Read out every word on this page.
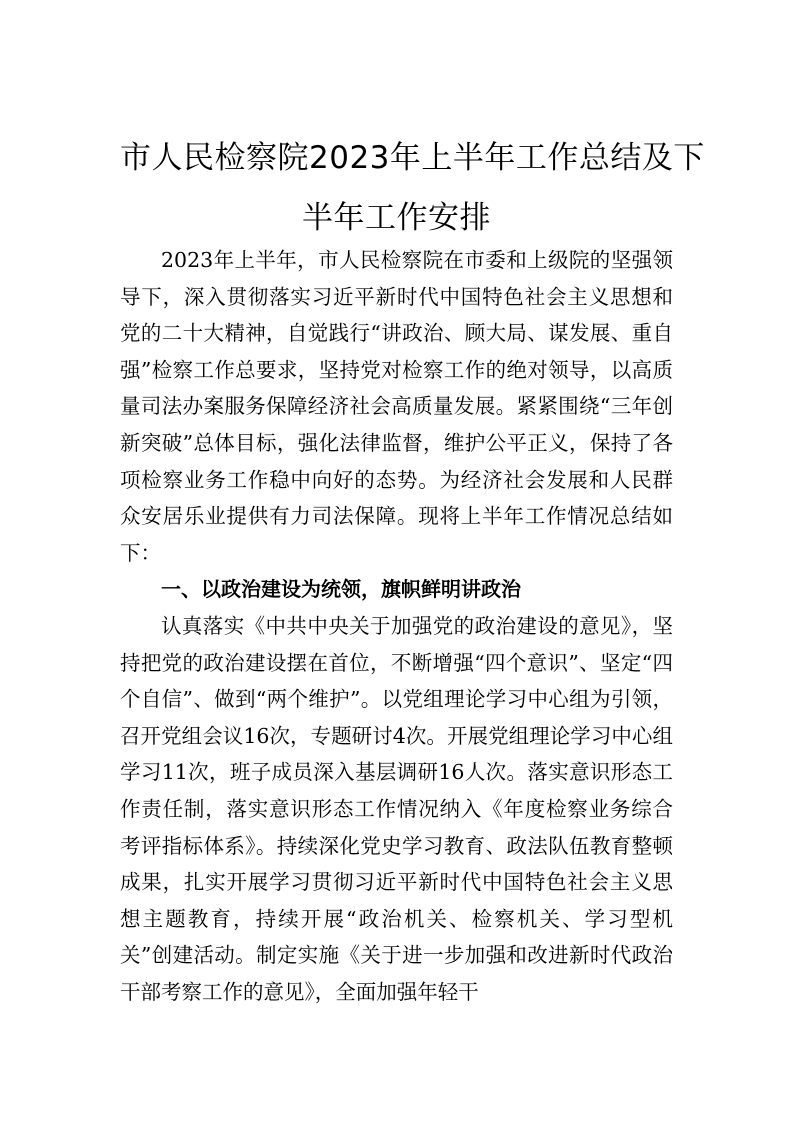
市人民检察院2023年上半年工作总结及下
半年工作安排

2023年上半年，市人民检察院在市委和上级院的坚强领导下，深入贯彻落实习近平新时代中国特色社会主义思想和党的二十大精神，自觉践行“讲政治、顾大局、谋发展、重自强”检察工作总要求，坚持党对检察工作的绝对领导，以高质量司法办案服务保障经济社会高质量发展。紧紧围绕“三年创新突破”总体目标，强化法律监督，维护公平正义，保持了各项检察业务工作稳中向好的态势。为经济社会发展和人民群众安居乐业提供有力司法保障。现将上半年工作情况总结如下：

一、以政治建设为统领，旗帜鲜明讲政治

认真落实《中共中央关于加强党的政治建设的意见》，坚持把党的政治建设摆在首位，不断增强“四个意识”、坚定“四个自信”、做到“两个维护”。以党组理论学习中心组为引领，召开党组会议16次，专题研讨4次。开展党组理论学习中心组学习11次，班子成员深入基层调研16人次。落实意识形态工作责任制，落实意识形态工作情况纳入《年度检察业务综合考评指标体系》。持续深化党史学习教育、政法队伍教育整顿成果，扎实开展学习贯彻习近平新时代中国特色社会主义思想主题教育，持续开展“政治机关、检察机关、学习型机关”创建活动。制定实施《关于进一步加强和改进新时代政治干部考察工作的意见》，全面加强年轻干
